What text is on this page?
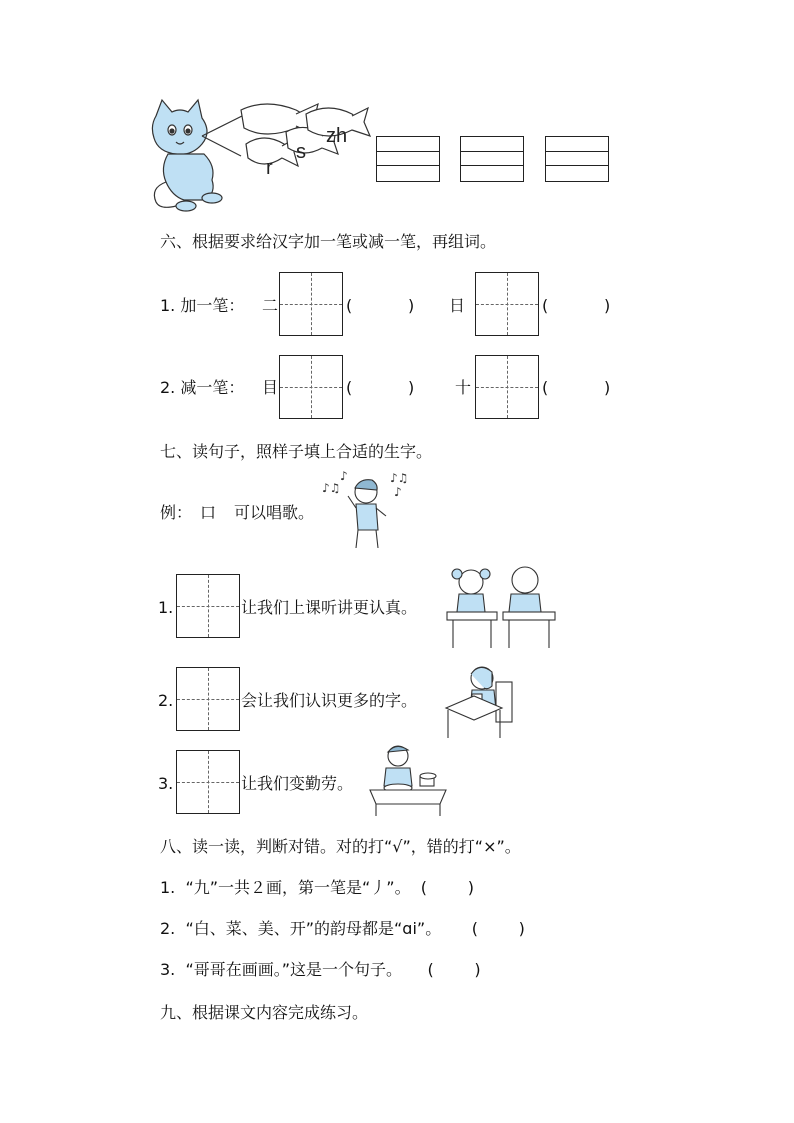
r
s
zh
六、根据要求给汉字加一笔或减一笔，再组词。
1. 加一笔： 二	(	) 日	(	)
2. 减一笔： 目	(	)	十	(	)
七、读句子，照样子填上合适的生字。
例： 口 可以唱歌。
♪♫
♪	♪♫
♪
1.	让我们上课听讲更认真。
2.	会让我们认识更多的字。
3.	让我们变勤劳。
八、读一读，判断对错。对的打“√”，错的打“×”。
1.  “九”一共２画，第一笔是“丿”。  (        )
2.  “白、菜、美、开”的韵母都是“ɑi”。      (        )
3.  “哥哥在画画。”这是一个句子。     (        )
九、根据课文内容完成练习。
